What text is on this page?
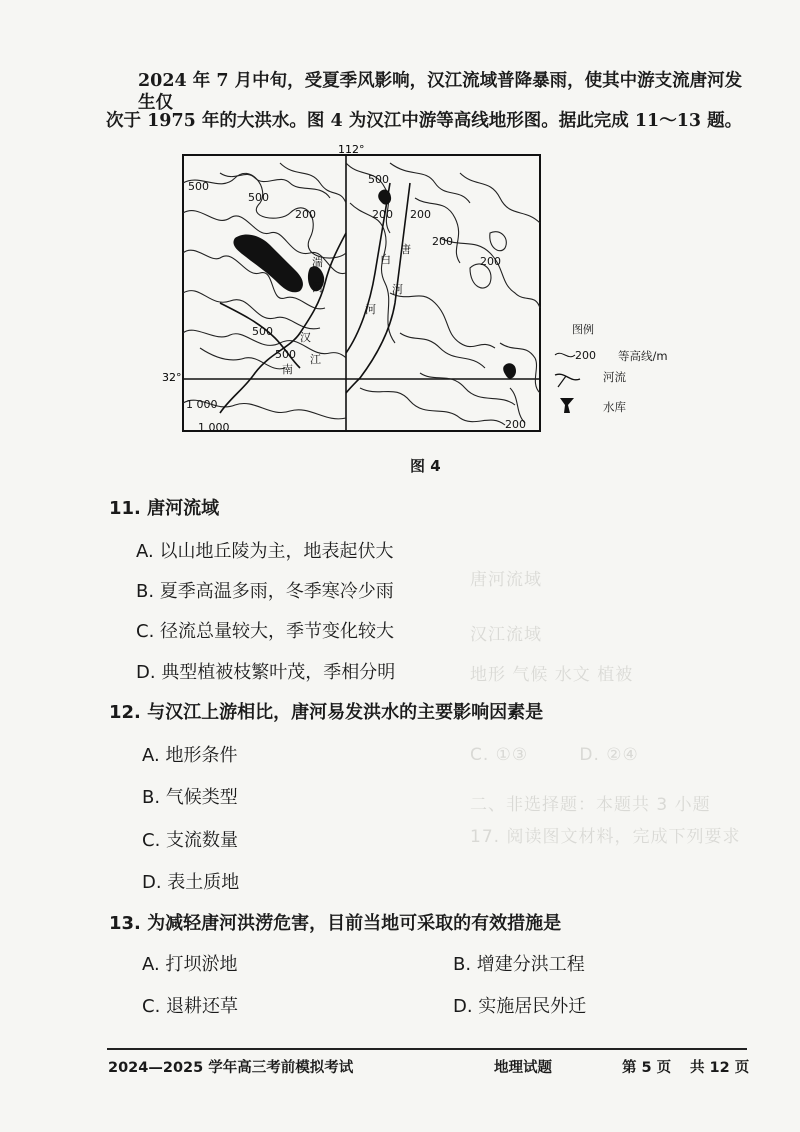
唐河流域
汉江流域
地形 气候 水文 植被
C. ①③        D. ②④
二、非选择题：本题共 3 小题
17. 阅读图文材料，完成下列要求
2024 年 7 月中旬，受夏季风影响，汉江流域普降暴雨，使其中游支流唐河发生仅
次于 1975 年的大洪水。图 4 为汉江中游等高线地形图。据此完成 11～13 题。
112°
32°
500
500
500
200	200 200
200
200
200
500
1 000
1 000
500
湍
河
白
河
唐
河
汉
江
南
图例
200 等高线/m
河流
水库
图 4
11. 唐河流域
A. 以山地丘陵为主，地表起伏大
B. 夏季高温多雨，冬季寒冷少雨
C. 径流总量较大，季节变化较大
D. 典型植被枝繁叶茂，季相分明
12. 与汉江上游相比，唐河易发洪水的主要影响因素是
A. 地形条件
B. 气候类型
C. 支流数量
D. 表土质地
13. 为减轻唐河洪涝危害，目前当地可采取的有效措施是
A. 打坝淤地	B. 增建分洪工程
C. 退耕还草	D. 实施居民外迁
2024—2025 学年高三考前模拟考试	地理试题	第 5 页 共 12 页
